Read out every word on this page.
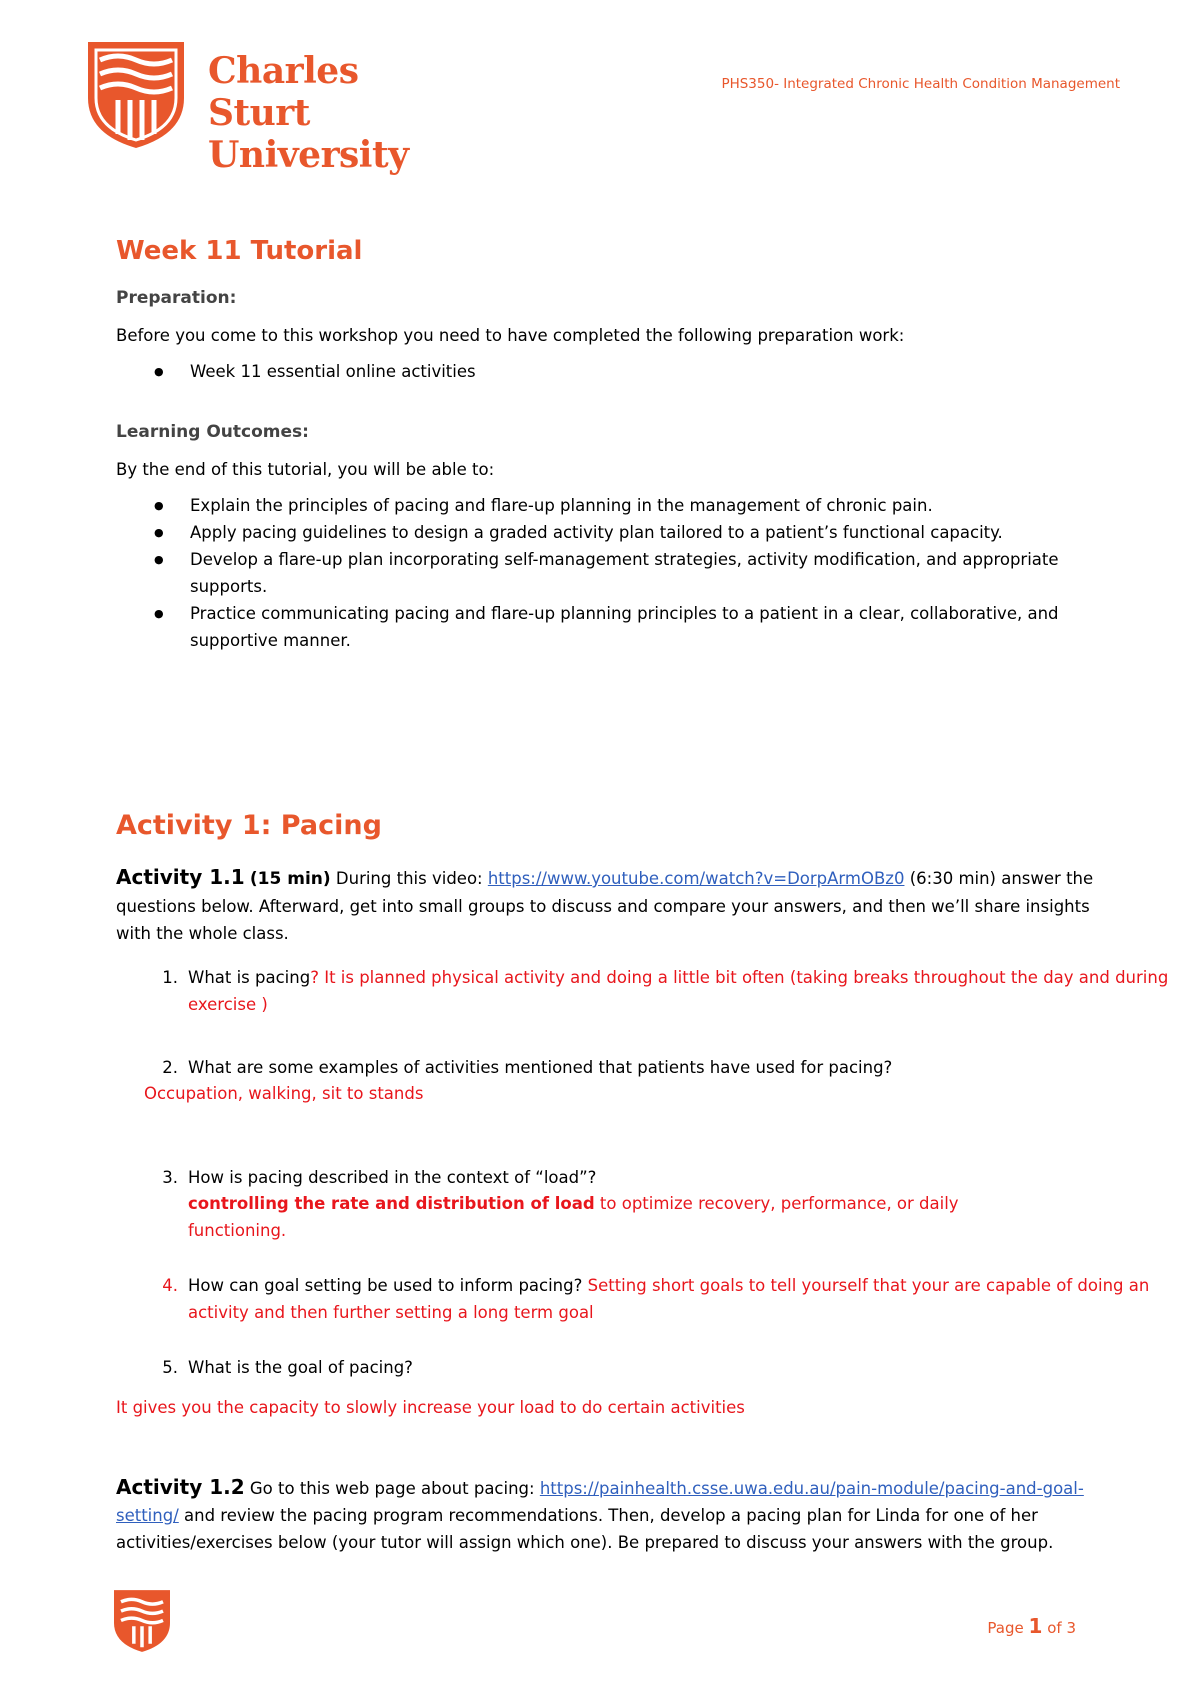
Charles Sturt
University
PHS350- Integrated Chronic Health Condition Management
Week 11 Tutorial
Preparation:
Before you come to this workshop you need to have completed the following preparation work:
● Week 11 essential online activities
Learning Outcomes:
By the end of this tutorial, you will be able to:
● Explain the principles of pacing and flare-up planning in the management of chronic pain.
● Apply pacing guidelines to design a graded activity plan tailored to a patient’s functional capacity.
● Develop a flare-up plan incorporating self-management strategies, activity modification, and appropriate supports.
● Practice communicating pacing and flare-up planning principles to a patient in a clear, collaborative, and supportive manner.
Activity 1: Pacing
Activity 1.1 (15 min) During this video: https://www.youtube.com/watch?v=DorpArmOBz0 (6:30 min) answer the questions below. Afterward, get into small groups to discuss and compare your answers, and then we’ll share insights with the whole class.
1. What is pacing? It is planned physical activity and doing a little bit often (taking breaks throughout the day and during exercise )
2. What are some examples of activities mentioned that patients have used for pacing?
Occupation, walking, sit to stands
3. How is pacing described in the context of “load”?
controlling the rate and distribution of load to optimize recovery, performance, or daily functioning.
4. How can goal setting be used to inform pacing? Setting short goals to tell yourself that your are capable of doing an activity and then further setting a long term goal
5. What is the goal of pacing?
It gives you the capacity to slowly increase your load to do certain activities
Activity 1.2 Go to this web page about pacing: https://painhealth.csse.uwa.edu.au/pain-module/pacing-and-goal-setting/ and review the pacing program recommendations. Then, develop a pacing plan for Linda for one of her activities/exercises below (your tutor will assign which one). Be prepared to discuss your answers with the group.
Page 1 of 3
